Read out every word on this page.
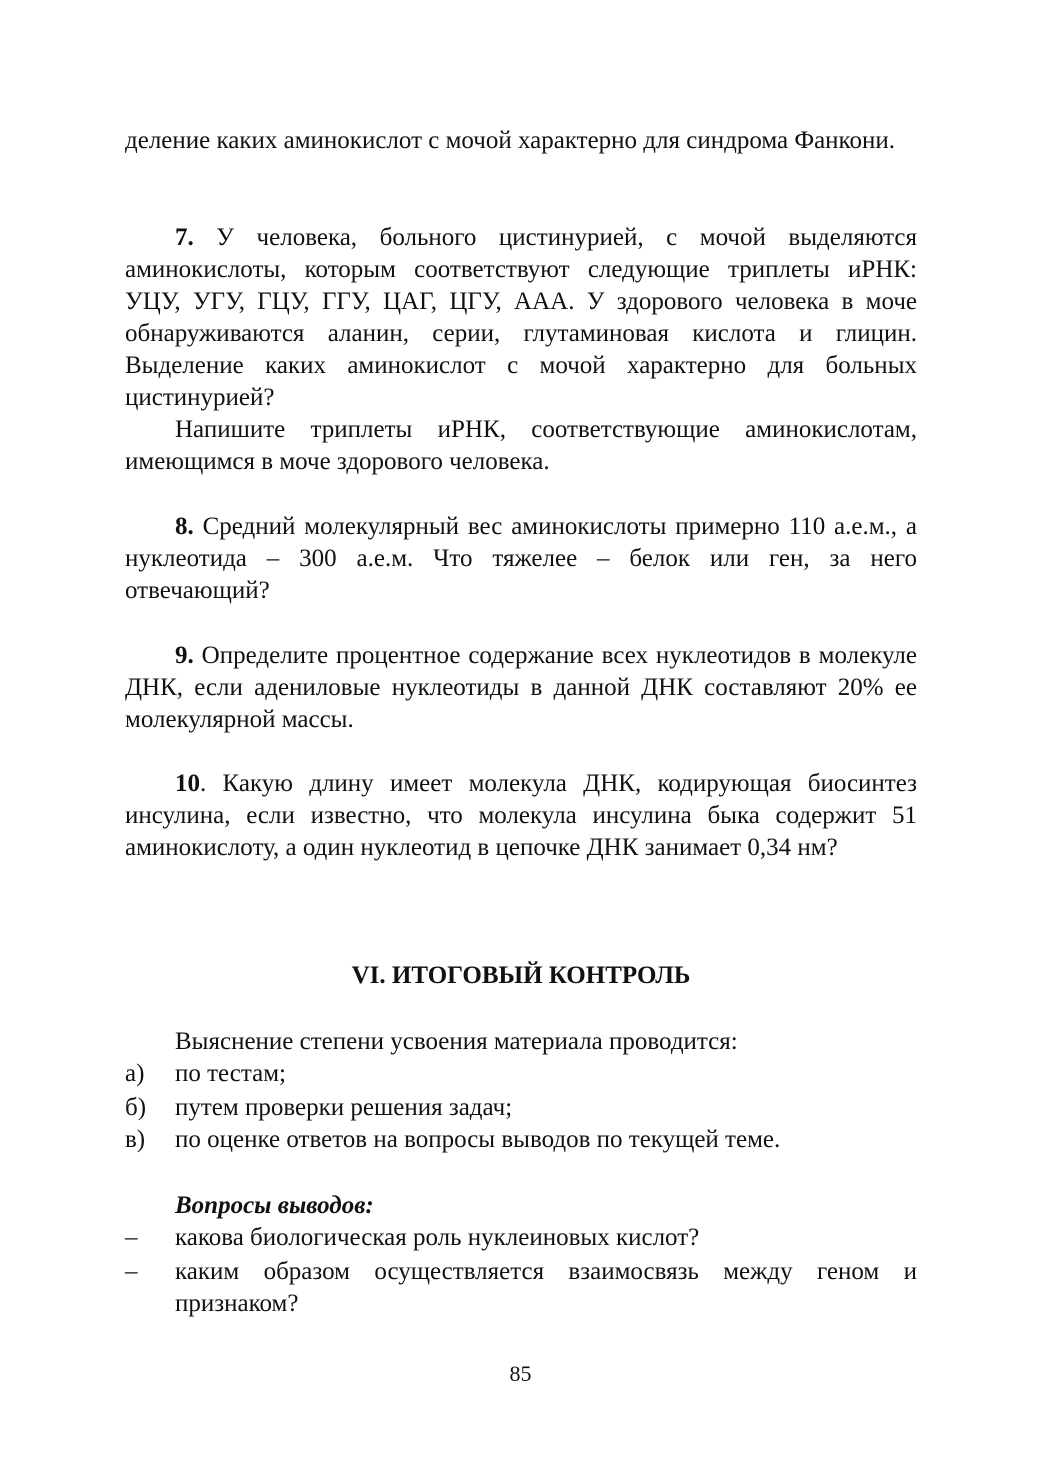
деление каких аминокислот с мочой характерно для синдрома Фанкони.

7. У человека, больного цистинурией, с мочой выделяются аминокислоты, которым соответствуют следующие триплеты иРНК: УЦУ, УГУ, ГЦУ, ГГУ, ЦАГ, ЦГУ, ААА. У здорового человека в моче обнаруживаются аланин, серии, глутаминовая кислота и глицин. Выделение каких аминокислот с мочой характерно для больных цистинурией?

Напишите триплеты иРНК, соответствующие аминокислотам, имеющимся в моче здорового человека.

8. Средний молекулярный вес аминокислоты примерно 110 а.е.м., а нуклеотида – 300 а.е.м. Что тяжелее – белок или ген, за него отвечающий?

9. Определите процентное содержание всех нуклеотидов в молекуле ДНК, если адениловые нуклеотиды в данной ДНК составляют 20% ее молекулярной массы.

10. Какую длину имеет молекула ДНК, кодирующая биосинтез инсулина, если известно, что молекула инсулина быка содержит 51 аминокислоту, а один нуклеотид в цепочке ДНК занимает 0,34 нм?

VI. ИТОГОВЫЙ КОНТРОЛЬ

Выяснение степени усвоения материала проводится:

а)	по тестам;
б)	путем проверки решения задач;
в)	по оценке ответов на вопросы выводов по текущей теме.

Вопросы выводов:

–	какова биологическая роль нуклеиновых кислот?
–	каким образом осуществляется взаимосвязь между геном и признаком?
85
